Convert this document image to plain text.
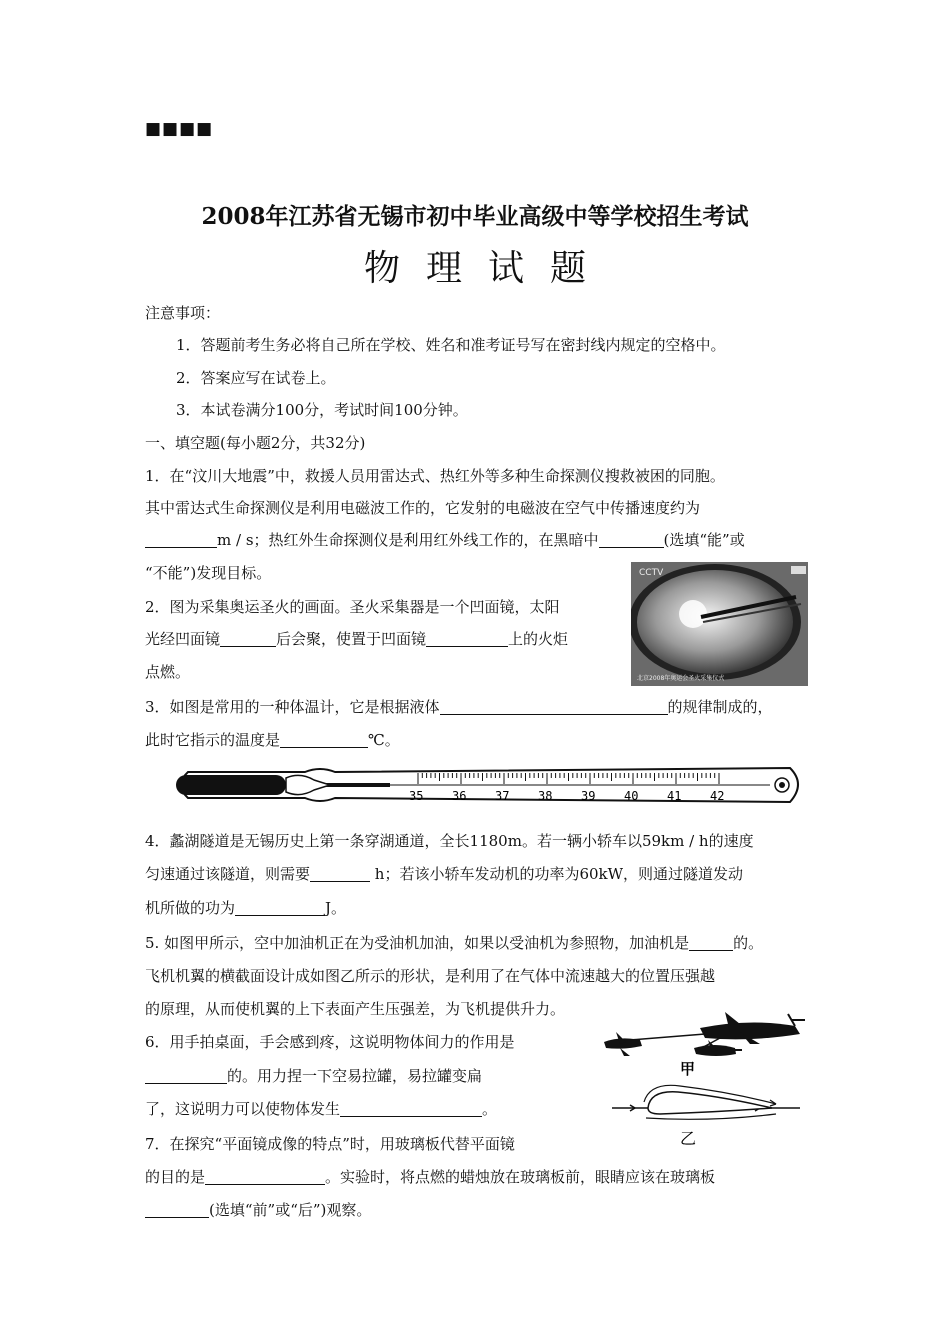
■■■■
2008年江苏省无锡市初中毕业高级中等学校招生考试
物理试题
注意事项：
1．答题前考生务必将自己所在学校、姓名和准考证号写在密封线内规定的空格中。
2．答案应写在试卷上。
3．本试卷满分100分，考试时间100分钟。
一、填空题(每小题2分，共32分)
1．在“汶川大地震”中，救援人员用雷达式、热红外等多种生命探测仪搜救被困的同胞。
其中雷达式生命探测仪是利用电磁波工作的，它发射的电磁波在空气中传播速度约为
m / s；热红外生命探测仪是利用红外线工作的，在黑暗中	(选填“能”或
“不能”)发现目标。
2．图为采集奥运圣火的画面。圣火采集器是一个凹面镜，太阳
光经凹面镜	后会聚，使置于凹面镜	上的火炬
点燃。
CCTV
北京2008年奥运会圣火采集仪式
3．如图是常用的一种体温计，它是根据液体	的规律制成的，
此时它指示的温度是	℃。
35 36 37 38 39 40 41 42
4．蠡湖隧道是无锡历史上第一条穿湖通道，全长1180m。若一辆小轿车以59km / h的速度
匀速通过该隧道，则需要	h；若该小轿车发动机的功率为60kW，则通过隧道发动
机所做的功为	J。
5. 如图甲所示，空中加油机正在为受油机加油，如果以受油机为参照物，加油机是	的。
飞机机翼的横截面设计成如图乙所示的形状，是利用了在气体中流速越大的位置压强越
的原理，从而使机翼的上下表面产生压强差，为飞机提供升力。
6．用手拍桌面，手会感到疼，这说明物体间力的作用是
的。用力捏一下空易拉罐，易拉罐变扁
了，这说明力可以使物体发生	。
甲
乙
7．在探究“平面镜成像的特点”时，用玻璃板代替平面镜
的目的是	。实验时，将点燃的蜡烛放在玻璃板前，眼睛应该在玻璃板
(选填“前”或“后”)观察。
